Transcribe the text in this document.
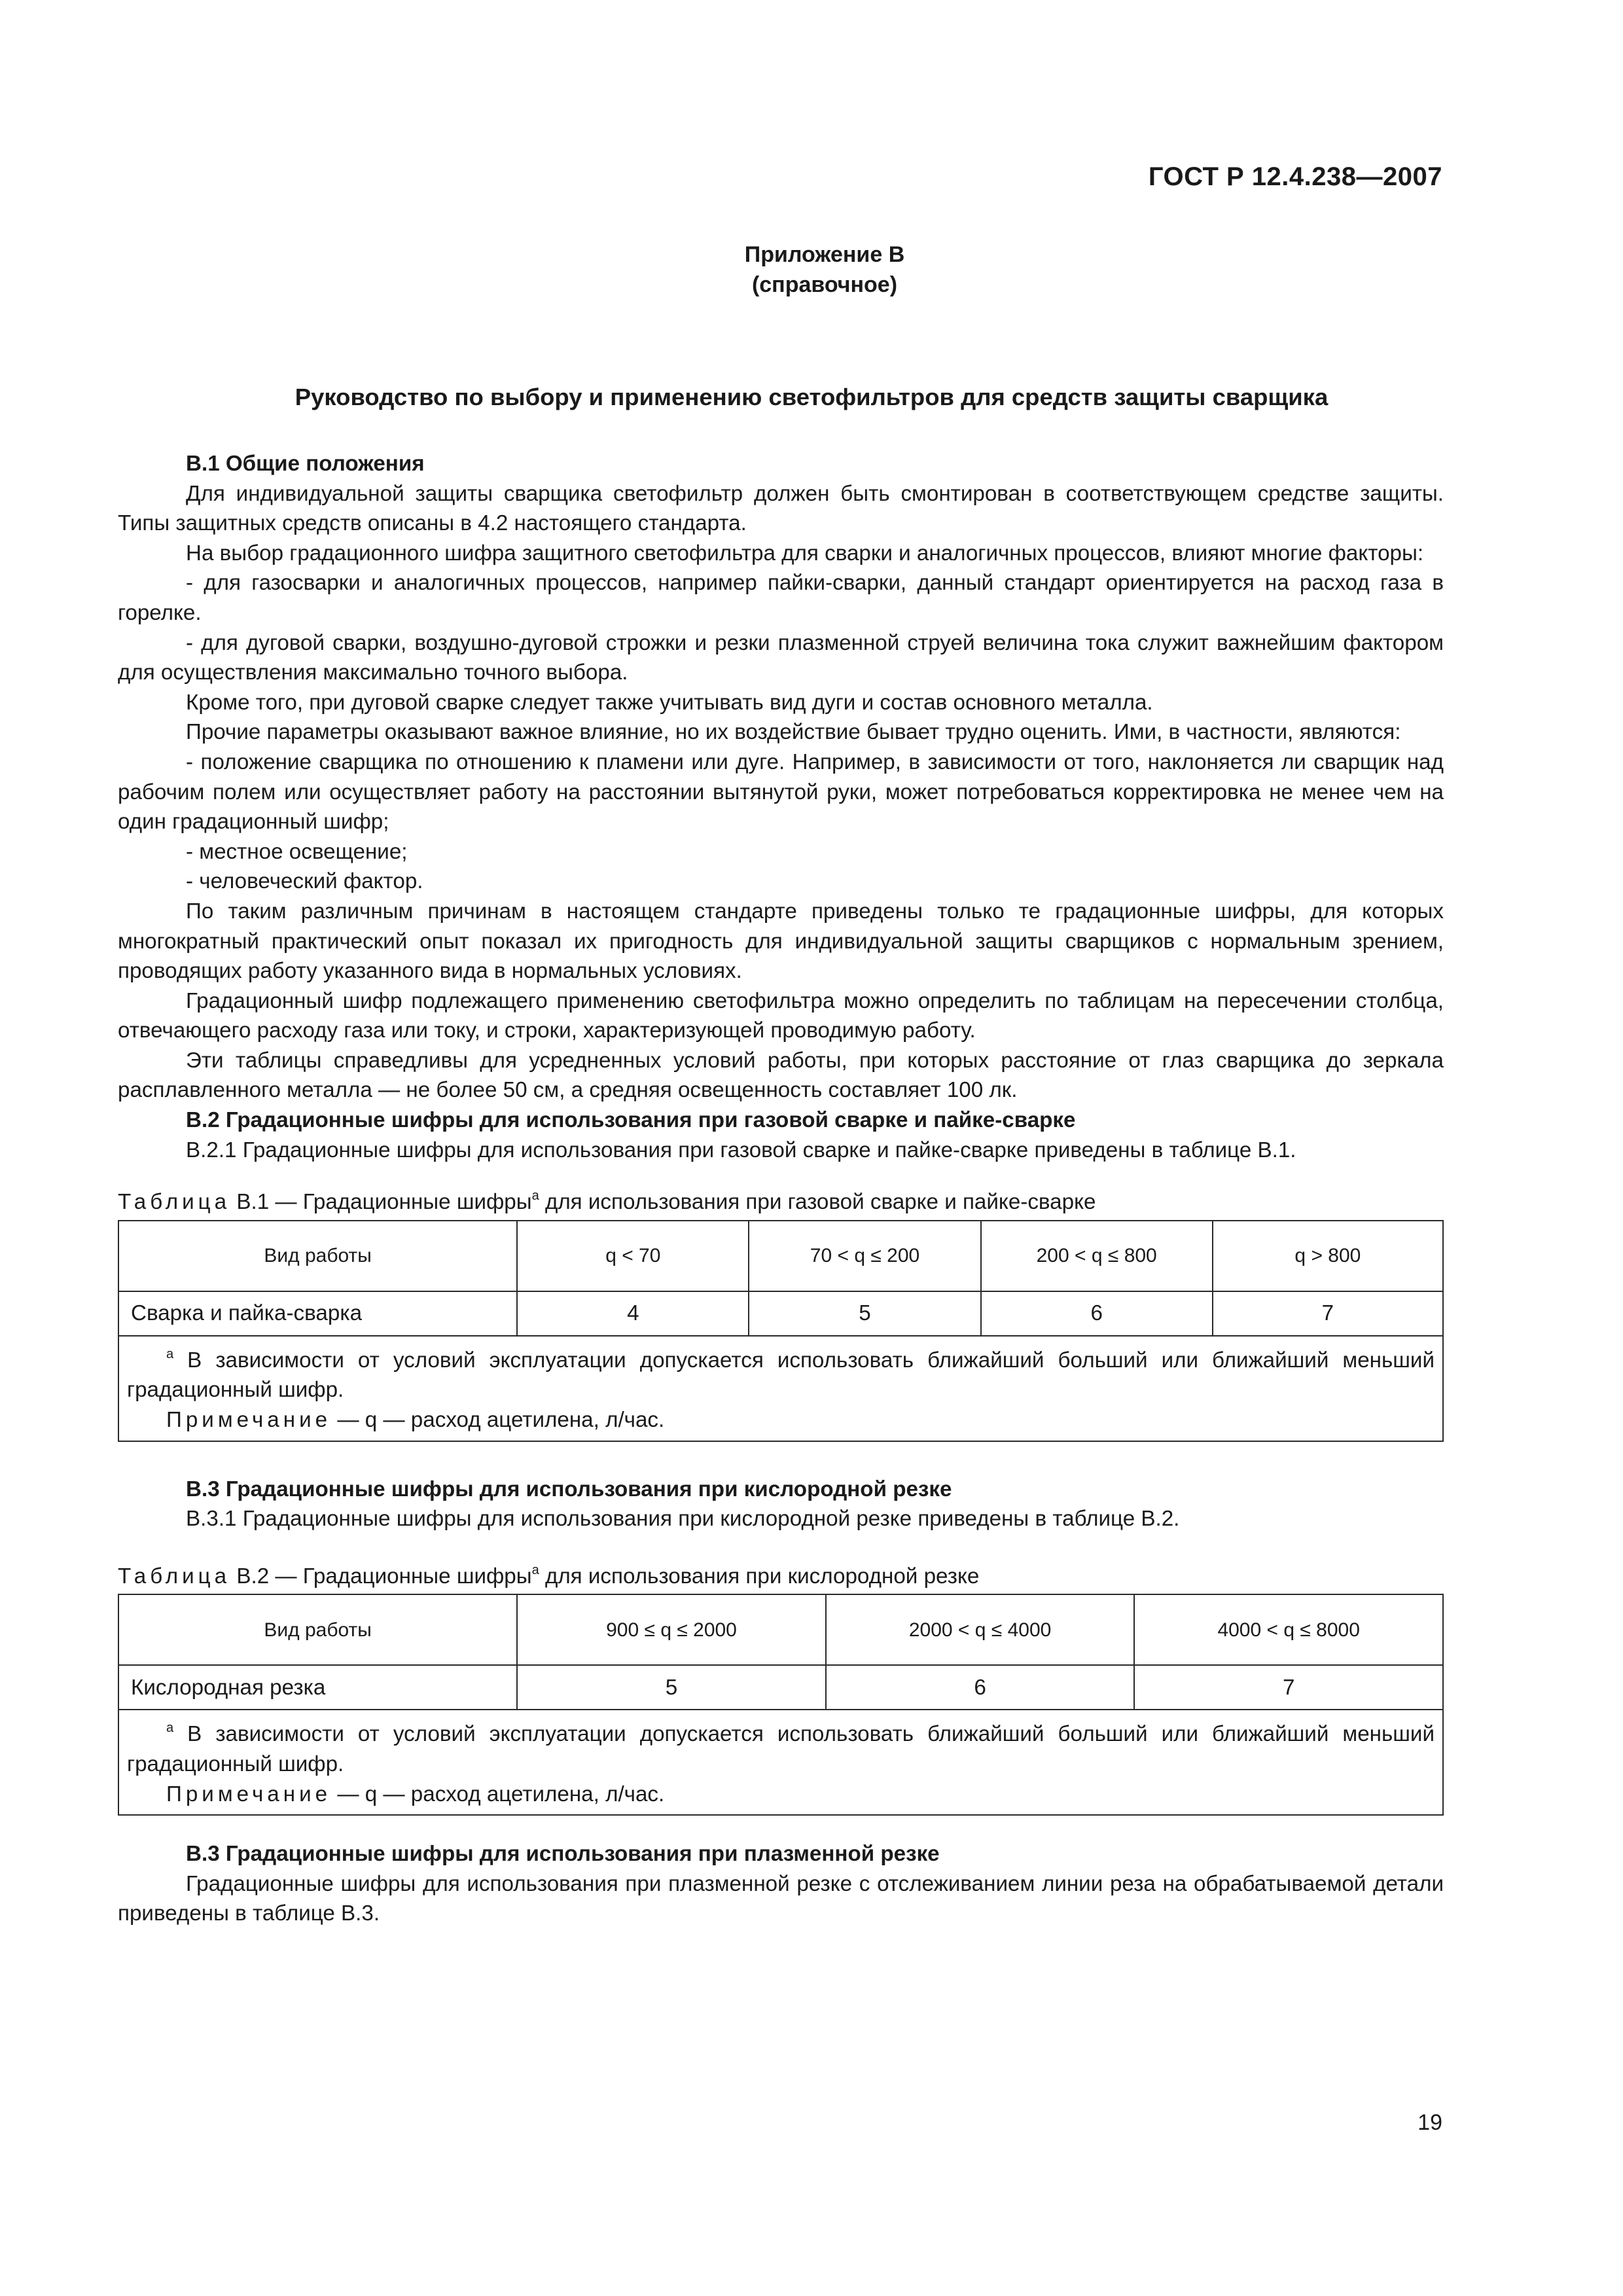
ГОСТ Р 12.4.238—2007
Приложение В
(справочное)
Руководство по выбору и применению светофильтров для средств защиты сварщика

В.1 Общие положения

Для индивидуальной защиты сварщика светофильтр должен быть смонтирован в соответствующем средстве защиты. Типы защитных средств описаны в 4.2 настоящего стандарта.

На выбор градационного шифра защитного светофильтра для сварки и аналогичных процессов, влияют многие факторы:

- для газосварки и аналогичных процессов, например пайки-сварки, данный стандарт ориентируется на расход газа в горелке.

- для дуговой сварки, воздушно-дуговой строжки и резки плазменной струей величина тока служит важнейшим фактором для осуществления максимально точного выбора.

Кроме того, при дуговой сварке следует также учитывать вид дуги и состав основного металла.

Прочие параметры оказывают важное влияние, но их воздействие бывает трудно оценить. Ими, в частности, являются:

- положение сварщика по отношению к пламени или дуге. Например, в зависимости от того, наклоняется ли сварщик над рабочим полем или осуществляет работу на расстоянии вытянутой руки, может потребоваться корректировка не менее чем на один градационный шифр;

- местное освещение;

- человеческий фактор.

По таким различным причинам в настоящем стандарте приведены только те градационные шифры, для которых многократный практический опыт показал их пригодность для индивидуальной защиты сварщиков с нормальным зрением, проводящих работу указанного вида в нормальных условиях.

Градационный шифр подлежащего применению светофильтра можно определить по таблицам на пересечении столбца, отвечающего расходу газа или току, и строки, характеризующей проводимую работу.

Эти таблицы справедливы для усредненных условий работы, при которых расстояние от глаз сварщика до зеркала расплавленного металла — не более 50 см, а средняя освещенность составляет 100 лк.

В.2 Градационные шифры для использования при газовой сварке и пайке-сварке

В.2.1 Градационные шифры для использования при газовой сварке и пайке-сварке приведены в таблице В.1.

Таблица В.1 — Градационные шифры$^a$ для использования при газовой сварке и пайке-сварке

Вид работы	q < 70	70 < q ≤ 200	200 < q ≤ 800	q > 800
Сварка и пайка-сварка	4	5	6	7

$^a$ В зависимости от условий эксплуатации допускается использовать ближайший больший или ближайший меньший градационный шифр.

Примечание — q — расход ацетилена, л/час.				

В.3 Градационные шифры для использования при кислородной резке

В.3.1 Градационные шифры для использования при кислородной резке приведены в таблице В.2.

Таблица В.2 — Градационные шифры$^a$ для использования при кислородной резке

Вид работы	900 ≤ q ≤ 2000	2000 < q ≤ 4000	4000 < q ≤ 8000
Кислородная резка	5	6	7

$^a$ В зависимости от условий эксплуатации допускается использовать ближайший больший или ближайший меньший градационный шифр.

Примечание — q — расход ацетилена, л/час.			

В.3 Градационные шифры для использования при плазменной резке

Градационные шифры для использования при плазменной резке с отслеживанием линии реза на обрабатываемой детали приведены в таблице В.3.

19
